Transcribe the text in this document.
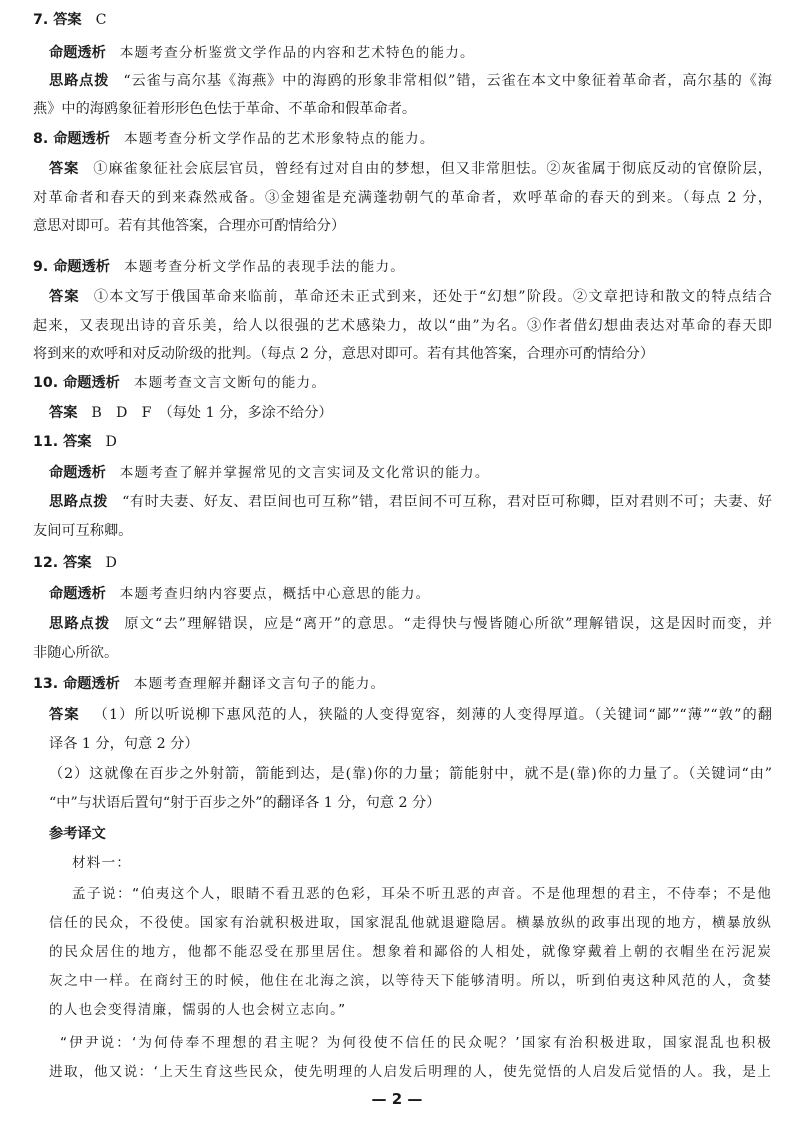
7. 答案 C
命题透析 本题考查分析鉴赏文学作品的内容和艺术特色的能力。
思路点拨 “云雀与高尔基《海燕》中的海鸥的形象非常相似”错，云雀在本文中象征着革命者，高尔基的《海
燕》中的海鸥象征着形形色色怯于革命、不革命和假革命者。
8. 命题透析 本题考查分析文学作品的艺术形象特点的能力。
答案 ①麻雀象征社会底层官员，曾经有过对自由的梦想，但又非常胆怯。②灰雀属于彻底反动的官僚阶层，
对革命者和春天的到来森然戒备。③金翅雀是充满蓬勃朝气的革命者，欢呼革命的春天的到来。（每点 2 分，
意思对即可。若有其他答案，合理亦可酌情给分）
9. 命题透析 本题考查分析文学作品的表现手法的能力。
答案 ①本文写于俄国革命来临前，革命还未正式到来，还处于“幻想”阶段。②文章把诗和散文的特点结合
起来，又表现出诗的音乐美，给人以很强的艺术感染力，故以“曲”为名。③作者借幻想曲表达对革命的春天即
将到来的欢呼和对反动阶级的批判。（每点 2 分，意思对即可。若有其他答案，合理亦可酌情给分）
10. 命题透析 本题考查文言文断句的能力。
答案 B　D　F　（每处 1 分，多涂不给分）
11. 答案 D
命题透析 本题考查了解并掌握常见的文言实词及文化常识的能力。
思路点拨 “有时夫妻、好友、君臣间也可互称”错，君臣间不可互称，君对臣可称卿，臣对君则不可；夫妻、好
友间可互称卿。
12. 答案 D
命题透析 本题考查归纳内容要点，概括中心意思的能力。
思路点拨 原文“去”理解错误，应是“离开”的意思。“走得快与慢皆随心所欲”理解错误，这是因时而变，并
非随心所欲。
13. 命题透析 本题考查理解并翻译文言句子的能力。
答案 （1）所以听说柳下惠风范的人，狭隘的人变得宽容，刻薄的人变得厚道。（关键词“鄙”“薄”“敦”的翻
译各 1 分，句意 2 分）
（2）这就像在百步之外射箭，箭能到达，是(靠)你的力量；箭能射中，就不是(靠)你的力量了。（关键词“由”
“中”与状语后置句“射于百步之外”的翻译各 1 分，句意 2 分）
参考译文
材料一：
孟子说：“伯夷这个人，眼睛不看丑恶的色彩，耳朵不听丑恶的声音。不是他理想的君主，不侍奉；不是他
信任的民众，不役使。国家有治就积极进取，国家混乱他就退避隐居。横暴放纵的政事出现的地方，横暴放纵
的民众居住的地方，他都不能忍受在那里居住。想象着和鄙俗的人相处，就像穿戴着上朝的衣帽坐在污泥炭
灰之中一样。在商纣王的时候，他住在北海之滨，以等待天下能够清明。所以，听到伯夷这种风范的人，贪婪
的人也会变得清廉，懦弱的人也会树立志向。”
“伊尹说：‘为何侍奉不理想的君主呢？为何役使不信任的民众呢？’国家有治积极进取，国家混乱也积极
进取，他又说：‘上天生育这些民众，使先明理的人启发后明理的人，使先觉悟的人启发后觉悟的人。我，是上
— 2 —
